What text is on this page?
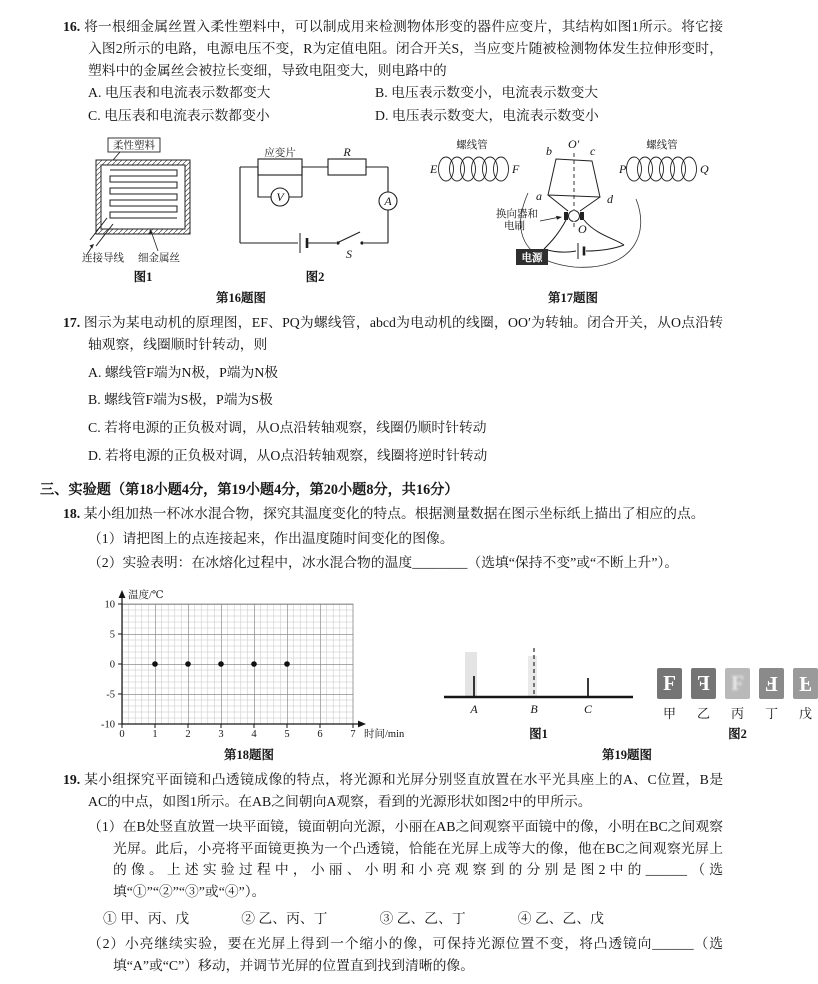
16. 将一根细金属丝置入柔性塑料中，可以制成用来检测物体形变的器件应变片，其结构如图1所示。将它接入图2所示的电路，电源电压不变，R为定值电阻。闭合开关S，当应变片随被检测物体发生拉伸形变时，塑料中的金属丝会被拉长变细，导致电阻变大，则电路中的
A. 电压表和电流表示数都变大	B. 电压表示数变小，电流表示数变大
C. 电压表和电流表示数都变小	D. 电压表示数变大，电流表示数变小
柔性塑料
连接导线 细金属丝
图1
应变片	R
V	A
S
图2
第16题图
螺线管	螺线管
E	F	P	Q
b O′ c
a	d
O
换向器和
电刷
电源
第17题图
17. 图示为某电动机的原理图，EF、PQ为螺线管，abcd为电动机的线圈，OO′为转轴。闭合开关，从O点沿转轴观察，线圈顺时针转动，则
A. 螺线管F端为N极，P端为N极
B. 螺线管F端为S极，P端为S极
C. 若将电源的正负极对调，从O点沿转轴观察，线圈仍顺时针转动
D. 若将电源的正负极对调，从O点沿转轴观察，线圈将逆时针转动
三、实验题（第18小题4分，第19小题4分，第20小题8分，共16分）
18. 某小组加热一杯冰水混合物，探究其温度变化的特点。根据测量数据在图示坐标纸上描出了相应的点。
（1）请把图上的点连接起来，作出温度随时间变化的图像。
（2）实验表明：在冰熔化过程中，冰水混合物的温度________（选填“保持不变”或“不断上升”）。
温度/℃
时间/min
10
5
0
-5
-10
0	1	2	3	4	5	6	7
第18题图
A	B	C
图1
F F F F F
甲	乙	丙	丁	戊
图2
第19题图
19. 某小组探究平面镜和凸透镜成像的特点，将光源和光屏分别竖直放置在水平光具座上的A、C位置，B是AC的中点，如图1所示。在AB之间朝向A观察，看到的光源形状如图2中的甲所示。
（1）在B处竖直放置一块平面镜，镜面朝向光源，小丽在AB之间观察平面镜中的像，小明在BC之间观察光屏。此后，小亮将平面镜更换为一个凸透镜，恰能在光屏上成等大的像，他在BC之间观察光屏上的像。上述实验过程中，小丽、小明和小亮观察到的分别是图2中的______（选填“①”“②”“③”或“④”）。
① 甲、丙、戊	② 乙、丙、丁	③ 乙、乙、丁	④ 乙、乙、戊
（2）小亮继续实验，要在光屏上得到一个缩小的像，可保持光源位置不变，将凸透镜向______（选填“A”或“C”）移动，并调节光屏的位置直到找到清晰的像。
